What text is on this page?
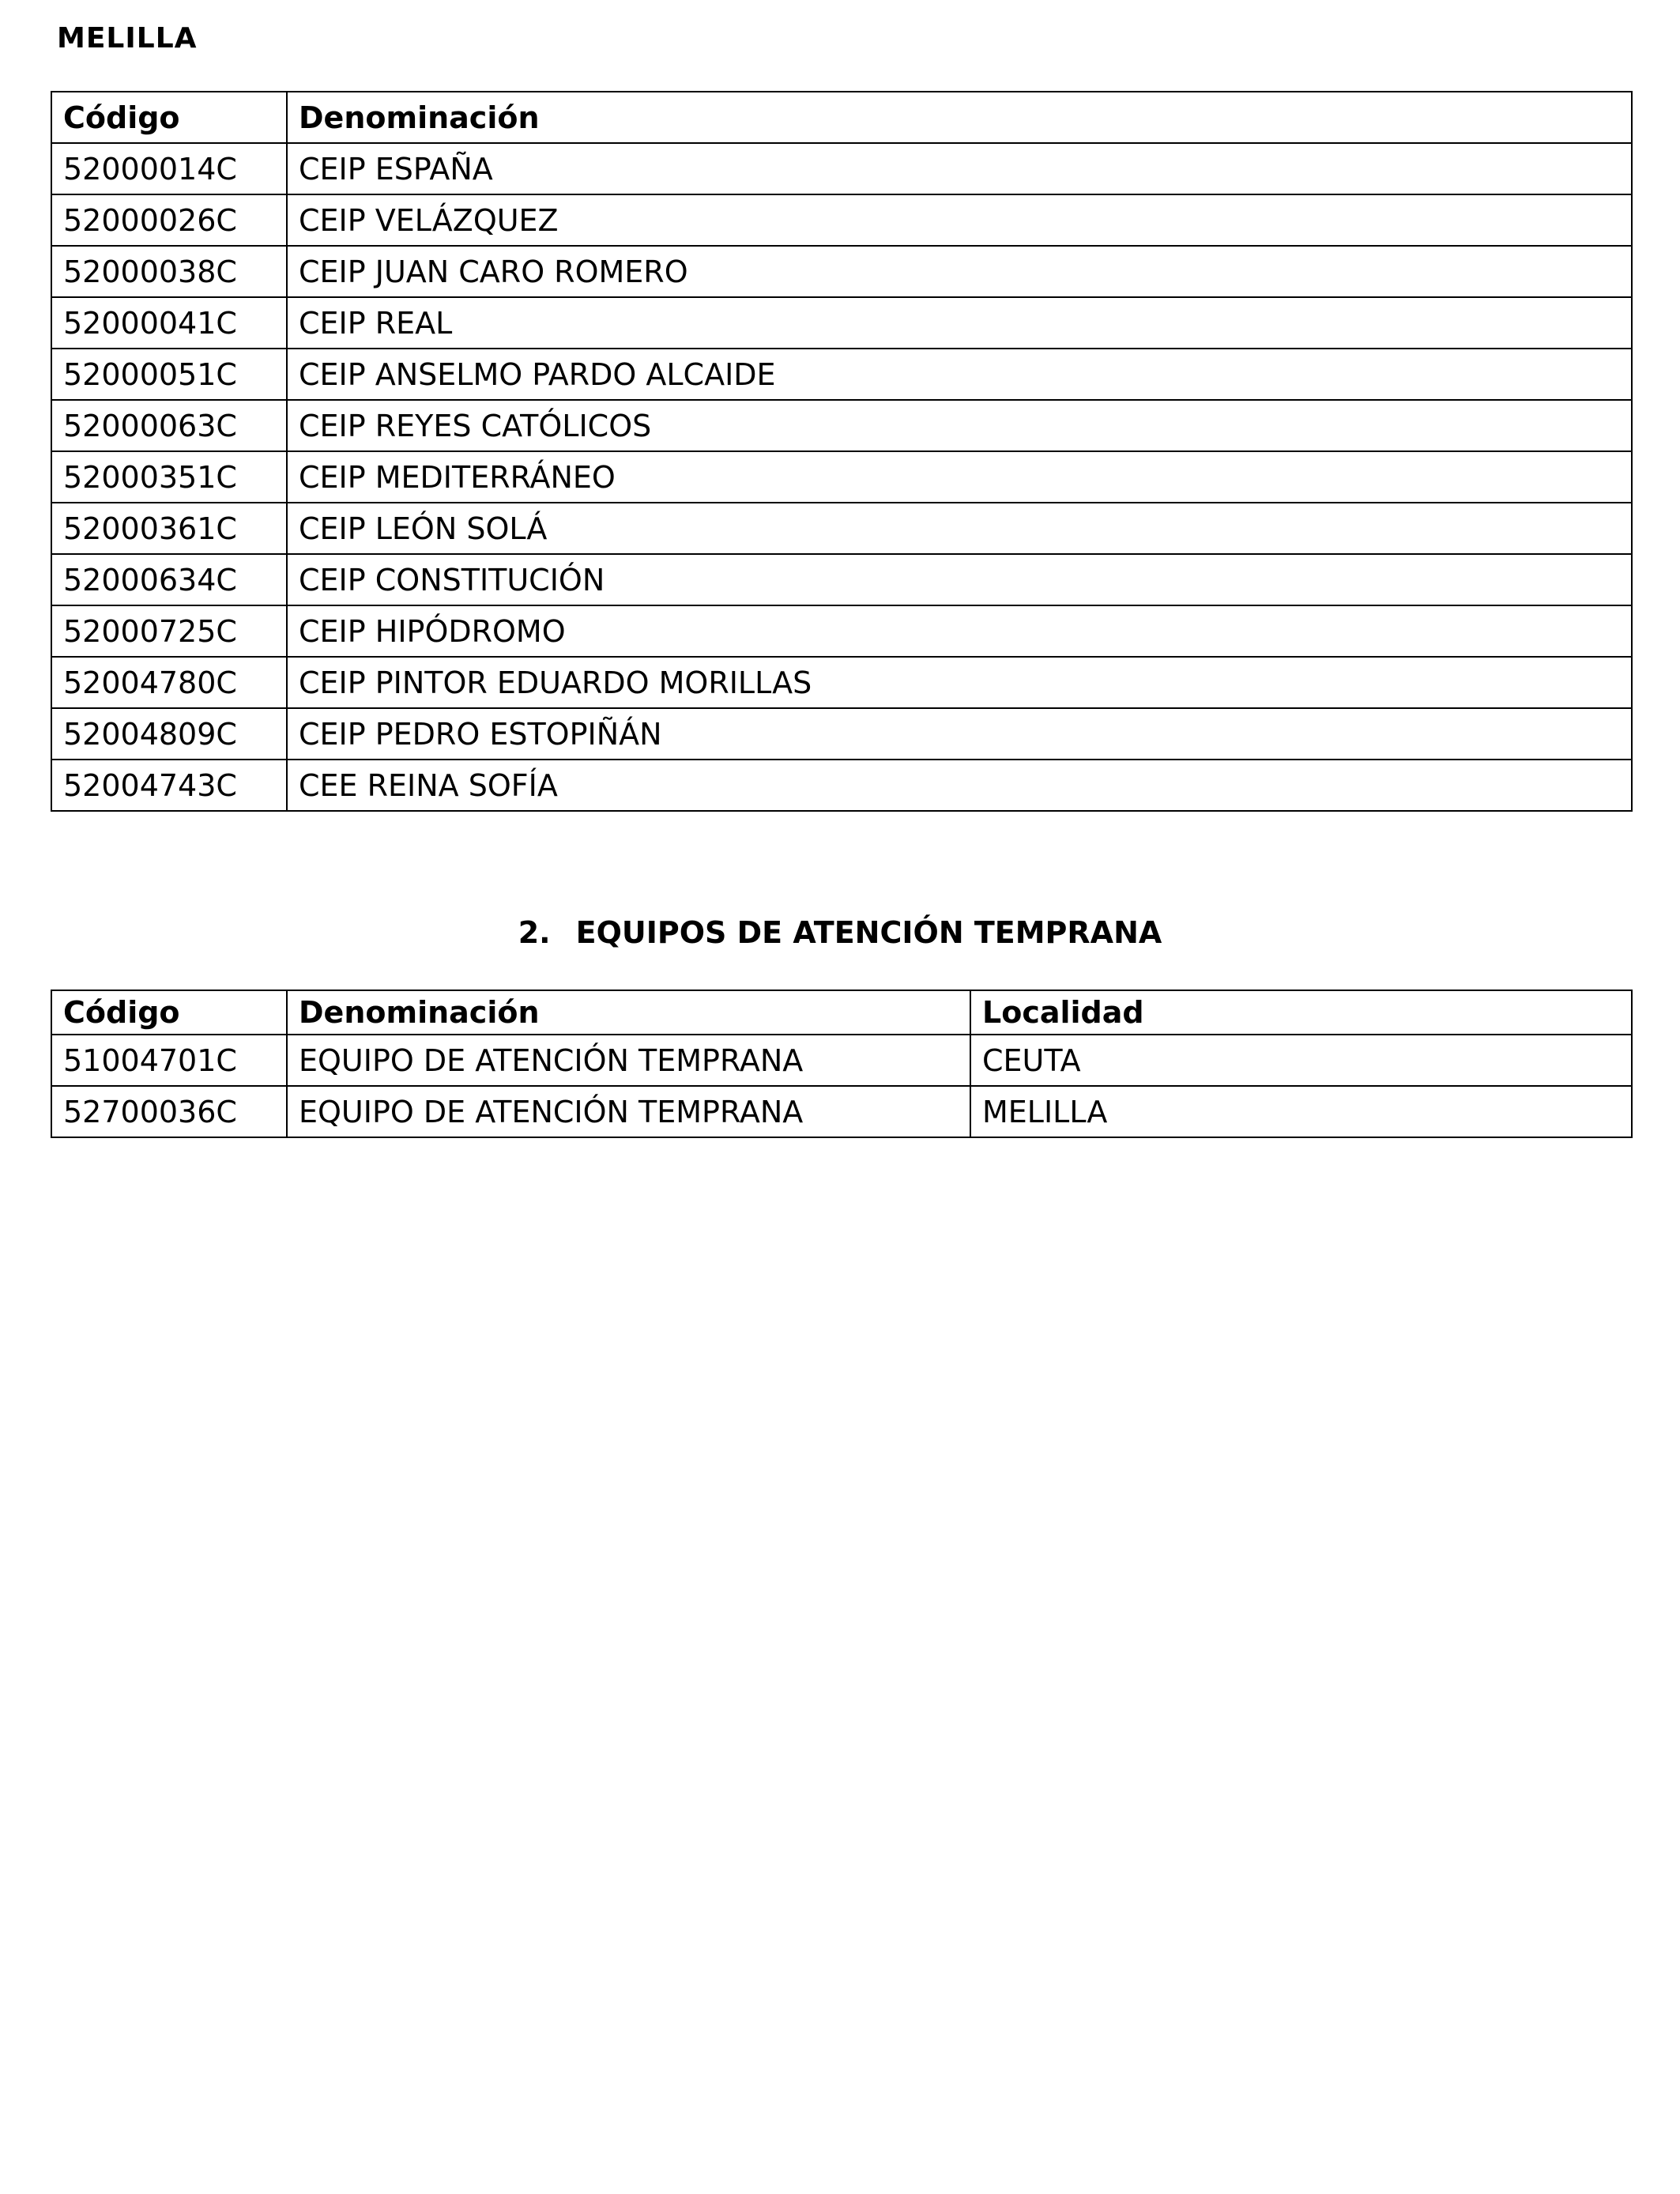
MELILLA
Código	Denominación
52000014C	CEIP ESPAÑA
52000026C	CEIP VELÁZQUEZ
52000038C	CEIP JUAN CARO ROMERO
52000041C	CEIP REAL
52000051C	CEIP ANSELMO PARDO ALCAIDE
52000063C	CEIP REYES CATÓLICOS
52000351C	CEIP MEDITERRÁNEO
52000361C	CEIP LEÓN SOLÁ
52000634C	CEIP CONSTITUCIÓN
52000725C	CEIP HIPÓDROMO
52004780C	CEIP PINTOR EDUARDO MORILLAS
52004809C	CEIP PEDRO ESTOPIÑÁN
52004743C	CEE REINA SOFÍA
2. EQUIPOS DE ATENCIÓN TEMPRANA
Código	Denominación	Localidad
51004701C	EQUIPO DE ATENCIÓN TEMPRANA	CEUTA
52700036C	EQUIPO DE ATENCIÓN TEMPRANA	MELILLA
